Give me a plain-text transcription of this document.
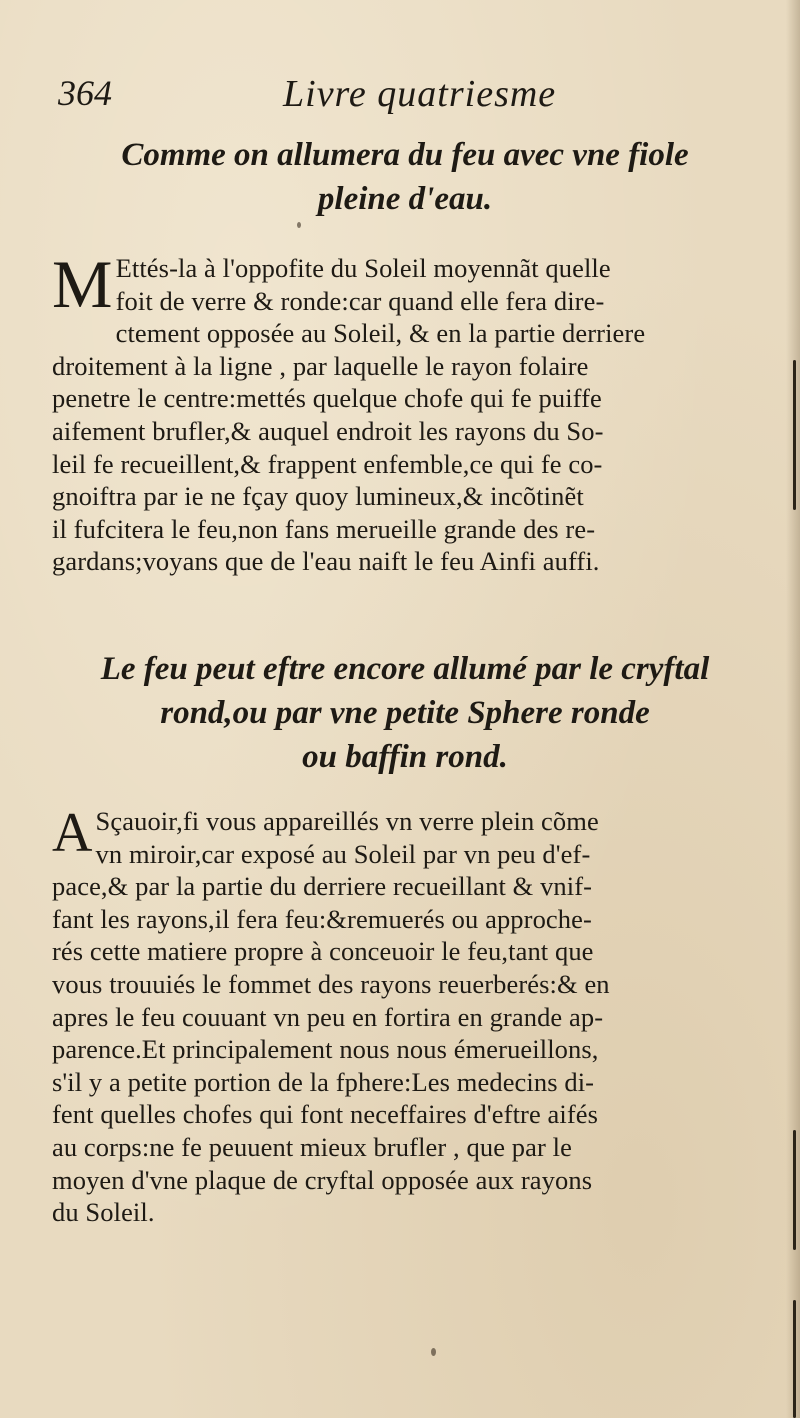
364	Livre quatriesme

Comme on allumera du feu avec vne fiole
pleine d'eau.
M Ettés-la à l'oppofite du Soleil moyennãt quelle
foit de verre & ronde:car quand elle fera dire-
ctement opposée au Soleil, & en la partie derriere
droitement à la ligne , par laquelle le rayon folaire
penetre le centre:mettés quelque chofe qui fe puiffe
aifement brufler,& auquel endroit les rayons du So-
leil fe recueillent,& frappent enfemble,ce qui fe co-
gnoiftra par ie ne fçay quoy lumineux,& incõtinẽt
il fufcitera le feu,non fans merueille grande des re-
gardans;voyans que de l'eau naift le feu Ainfi auffi.
Le feu peut eftre encore allumé par le cryftal
rond,ou par vne petite Sphere ronde
ou baffin rond.
A Sçauoir,fi vous appareillés vn verre plein cõme
vn miroir,car exposé au Soleil par vn peu d'ef-
pace,& par la partie du derriere recueillant & vnif-
fant les rayons,il fera feu:&remuerés ou approche-
rés cette matiere propre à conceuoir le feu,tant que
vous trouuiés le fommet des rayons reuerberés:& en
apres le feu couuant vn peu en fortira en grande ap-
parence.Et principalement nous nous émerueillons,
s'il y a petite portion de la fphere:Les medecins di-
fent quelles chofes qui font neceffaires d'eftre aifés
au corps:ne fe peuuent mieux brufler , que par le
moyen d'vne plaque de cryftal opposée aux rayons
du Soleil.
